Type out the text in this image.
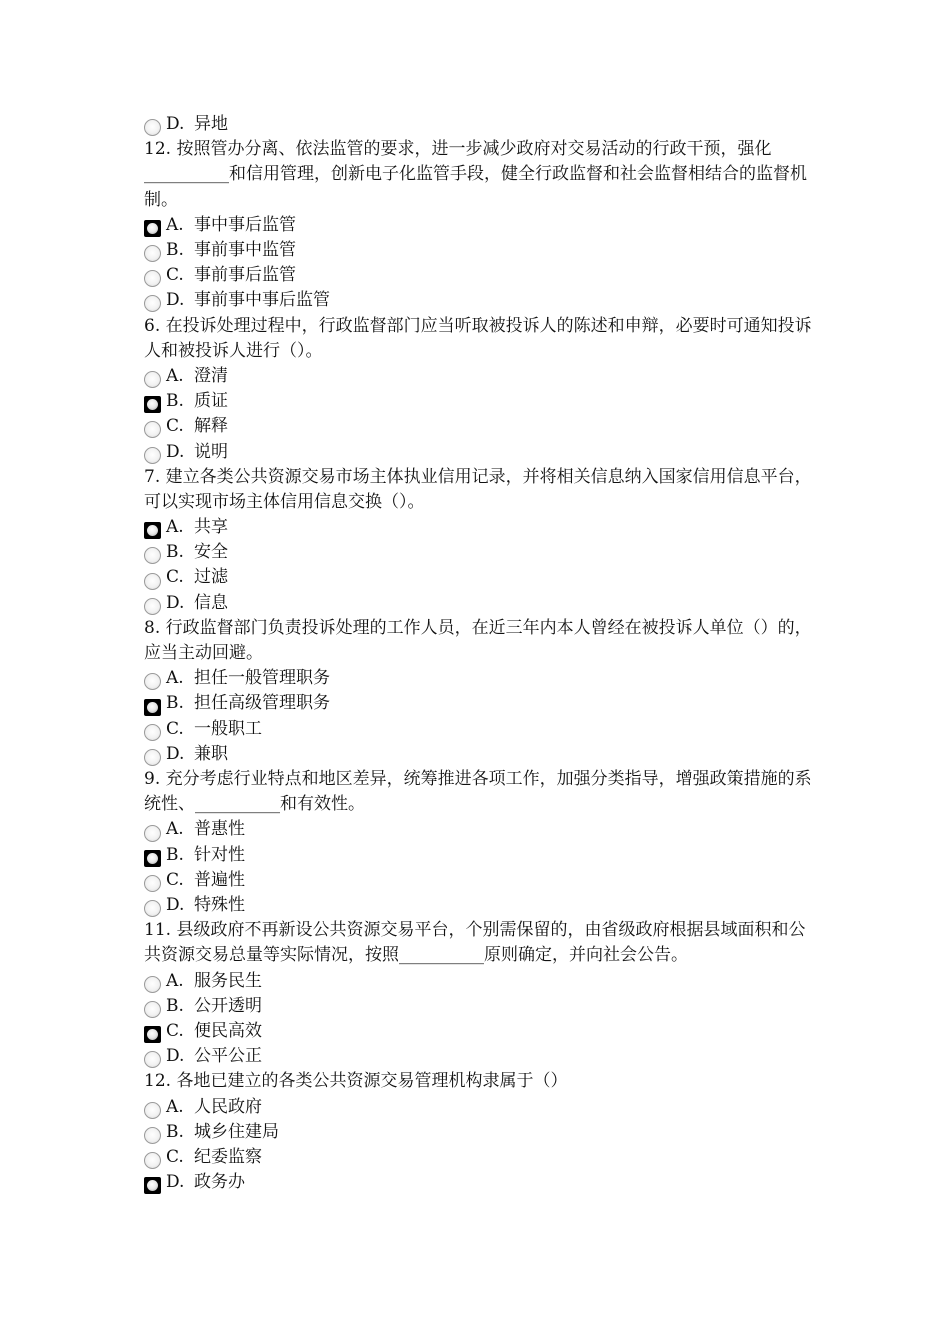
D. 异地
12. 按照管办分离、依法监管的要求，进一步减少政府对交易活动的行政干预，强化__________和信用管理，创新电子化监管手段，健全行政监督和社会监督相结合的监督机制。
A. 事中事后监管
B. 事前事中监管
C. 事前事后监管
D. 事前事中事后监管
6. 在投诉处理过程中，行政监督部门应当听取被投诉人的陈述和申辩，必要时可通知投诉人和被投诉人进行（）。
A. 澄清
B. 质证
C. 解释
D. 说明
7. 建立各类公共资源交易市场主体执业信用记录，并将相关信息纳入国家信用信息平台，可以实现市场主体信用信息交换（）。
A. 共享
B. 安全
C. 过滤
D. 信息
8. 行政监督部门负责投诉处理的工作人员，在近三年内本人曾经在被投诉人单位（）的，应当主动回避。
A. 担任一般管理职务
B. 担任高级管理职务
C. 一般职工
D. 兼职
9. 充分考虑行业特点和地区差异，统筹推进各项工作，加强分类指导，增强政策措施的系统性、__________和有效性。
A. 普惠性
B. 针对性
C. 普遍性
D. 特殊性
11. 县级政府不再新设公共资源交易平台，个别需保留的，由省级政府根据县域面积和公共资源交易总量等实际情况，按照__________原则确定，并向社会公告。
A. 服务民生
B. 公开透明
C. 便民高效
D. 公平公正
12. 各地已建立的各类公共资源交易管理机构隶属于（）
A. 人民政府
B. 城乡住建局
C. 纪委监察
D. 政务办
